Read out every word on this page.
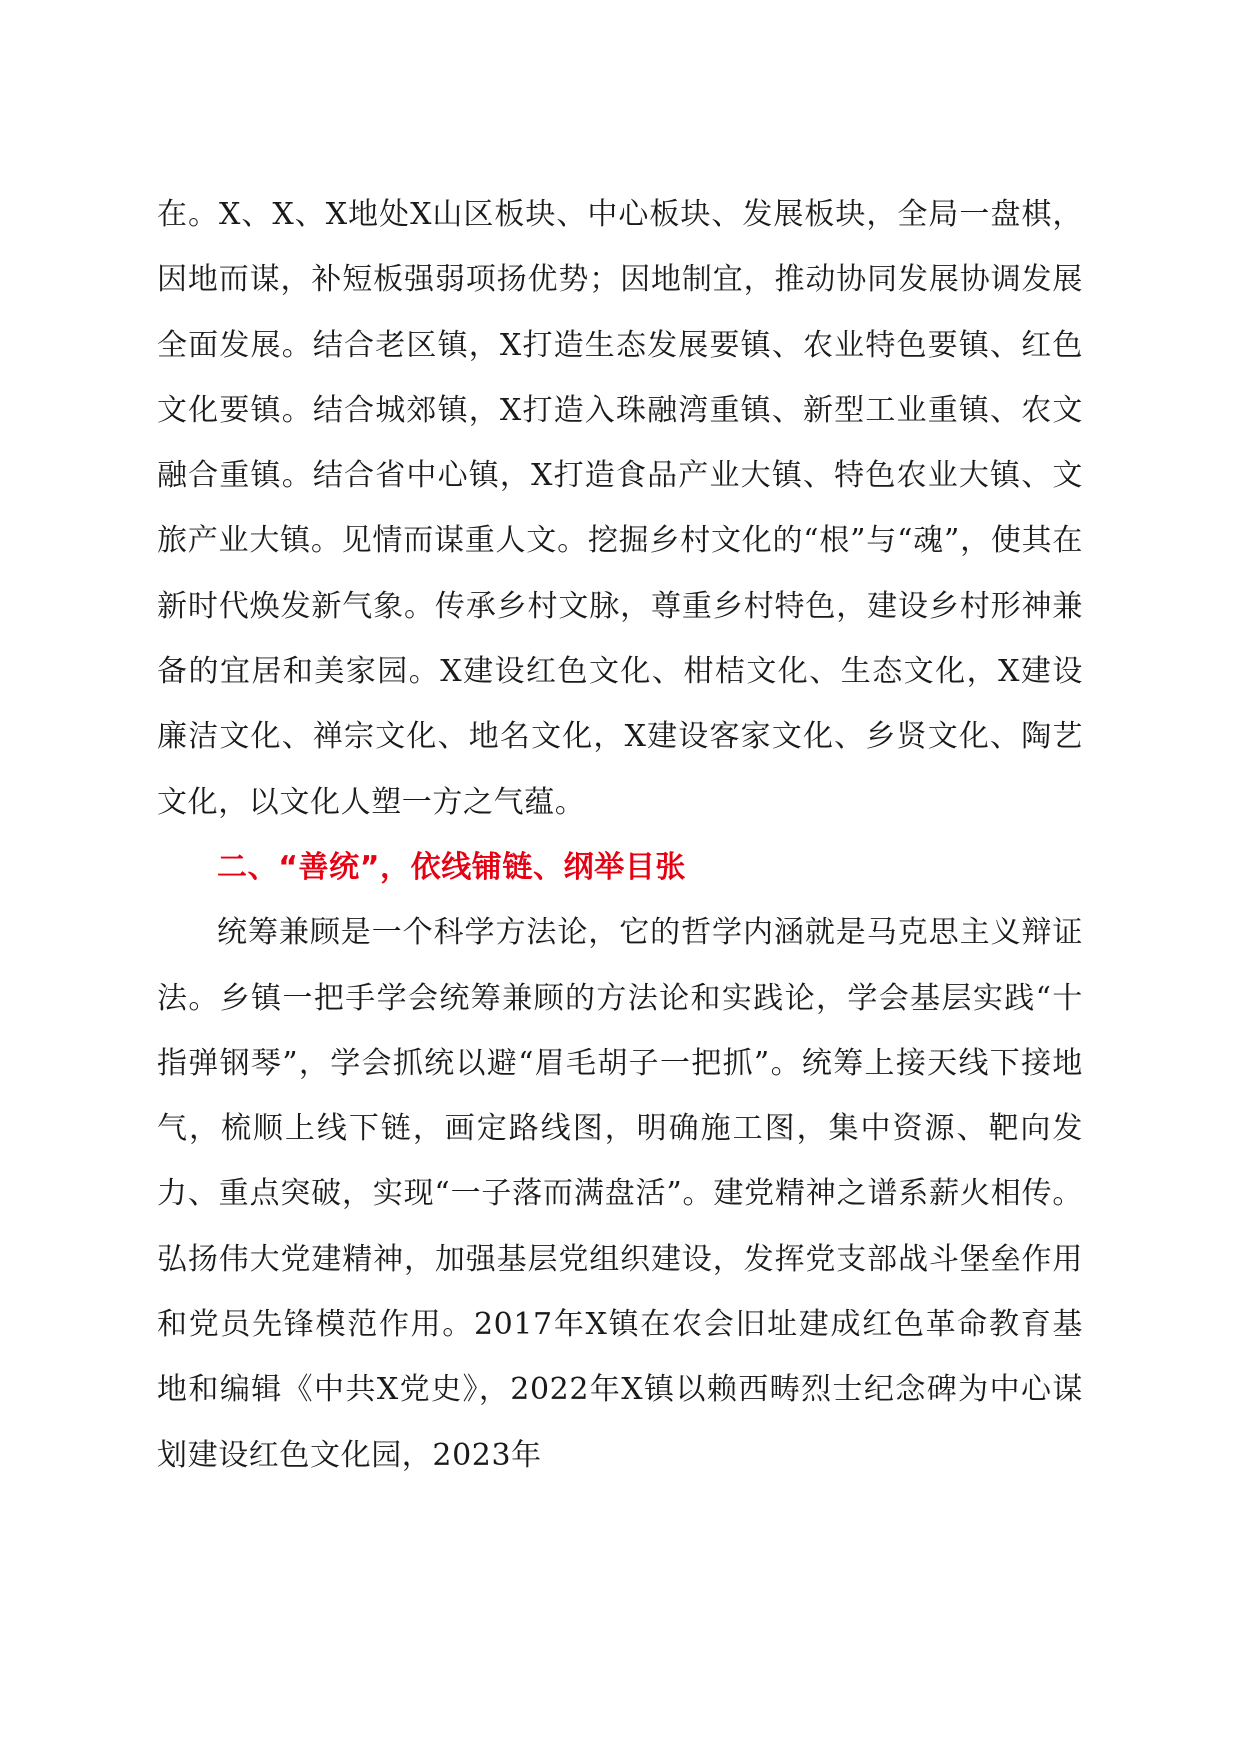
在。X、X、X地处X山区板块、中心板块、发展板块，全局一盘棋，因地而谋，补短板强弱项扬优势；因地制宜，推动协同发展协调发展全面发展。结合老区镇，X打造生态发展要镇、农业特色要镇、红色文化要镇。结合城郊镇，X打造入珠融湾重镇、新型工业重镇、农文融合重镇。结合省中心镇，X打造食品产业大镇、特色农业大镇、文旅产业大镇。见情而谋重人文。挖掘乡村文化的“根”与“魂”，使其在新时代焕发新气象。传承乡村文脉，尊重乡村特色，建设乡村形神兼备的宜居和美家园。X建设红色文化、柑桔文化、生态文化，X建设廉洁文化、禅宗文化、地名文化，X建设客家文化、乡贤文化、陶艺文化，以文化人塑一方之气蕴。

二、“善统”，依线铺链、纲举目张

统筹兼顾是一个科学方法论，它的哲学内涵就是马克思主义辩证法。乡镇一把手学会统筹兼顾的方法论和实践论，学会基层实践“十指弹钢琴”，学会抓统以避“眉毛胡子一把抓”。统筹上接天线下接地气，梳顺上线下链，画定路线图，明确施工图，集中资源、靶向发力、重点突破，实现“一子落而满盘活”。建党精神之谱系薪火相传。弘扬伟大党建精神，加强基层党组织建设，发挥党支部战斗堡垒作用和党员先锋模范作用。2017年X镇在农会旧址建成红色革命教育基地和编辑《中共X党史》，2022年X镇以赖西畴烈士纪念碑为中心谋划建设红色文化园，2023年
